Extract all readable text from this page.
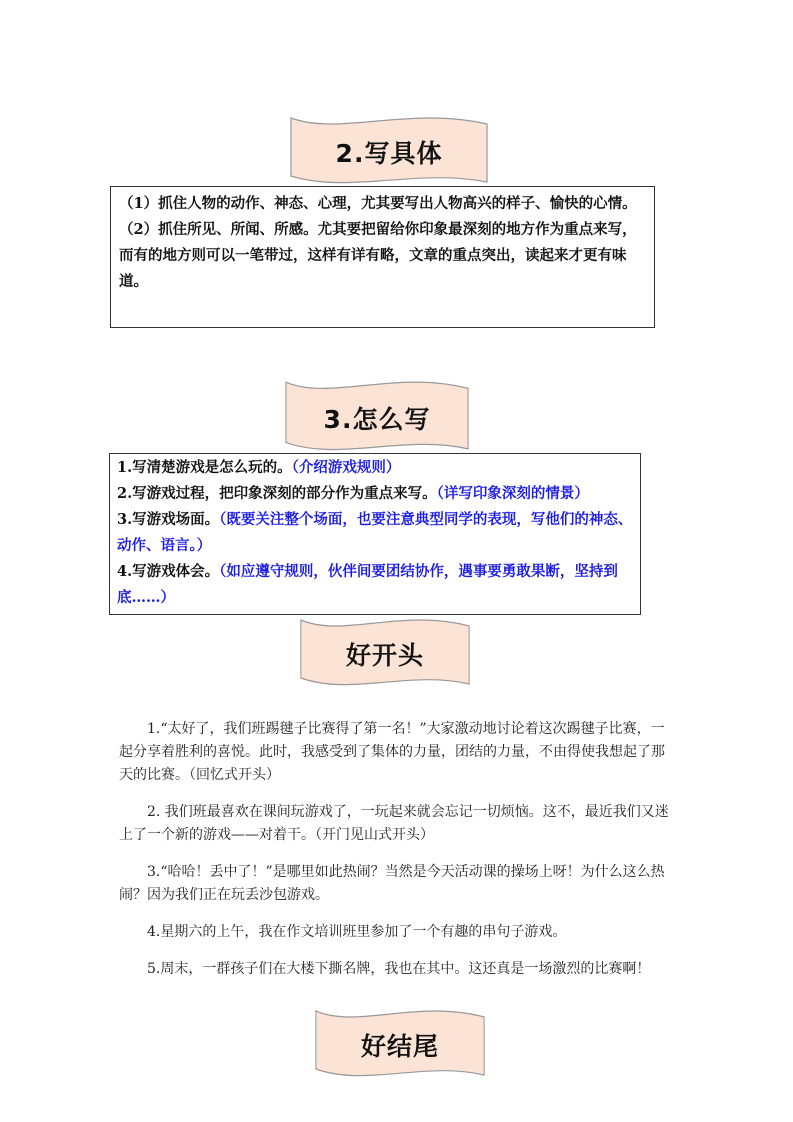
2.写具体

（1）抓住人物的动作、神态、心理，尤其要写出人物高兴的样子、愉快的心情。

（2）抓住所见、所闻、所感。尤其要把留给你印象最深刻的地方作为重点来写，而有的地方则可以一笔带过，这样有详有略，文章的重点突出，读起来才更有味道。

3.怎么写

1.写清楚游戏是怎么玩的。（介绍游戏规则）

2.写游戏过程，把印象深刻的部分作为重点来写。（详写印象深刻的情景）

3.写游戏场面。（既要关注整个场面，也要注意典型同学的表现，写他们的神态、动作、语言。）

4.写游戏体会。（如应遵守规则，伙伴间要团结协作，遇事要勇敢果断，坚持到底……）

好开头

1.“太好了，我们班踢毽子比赛得了第一名！”大家激动地讨论着这次踢毽子比赛，一起分享着胜利的喜悦。此时，我感受到了集体的力量，团结的力量，不由得使我想起了那天的比赛。（回忆式开头）

2. 我们班最喜欢在课间玩游戏了，一玩起来就会忘记一切烦恼。这不，最近我们又迷上了一个新的游戏——对着干。（开门见山式开头）

3.“哈哈！丢中了！”是哪里如此热闹？当然是今天活动课的操场上呀！为什么这么热闹？因为我们正在玩丢沙包游戏。

4.星期六的上午，我在作文培训班里参加了一个有趣的串句子游戏。

5.周末，一群孩子们在大楼下撕名牌，我也在其中。这还真是一场激烈的比赛啊！

好结尾
